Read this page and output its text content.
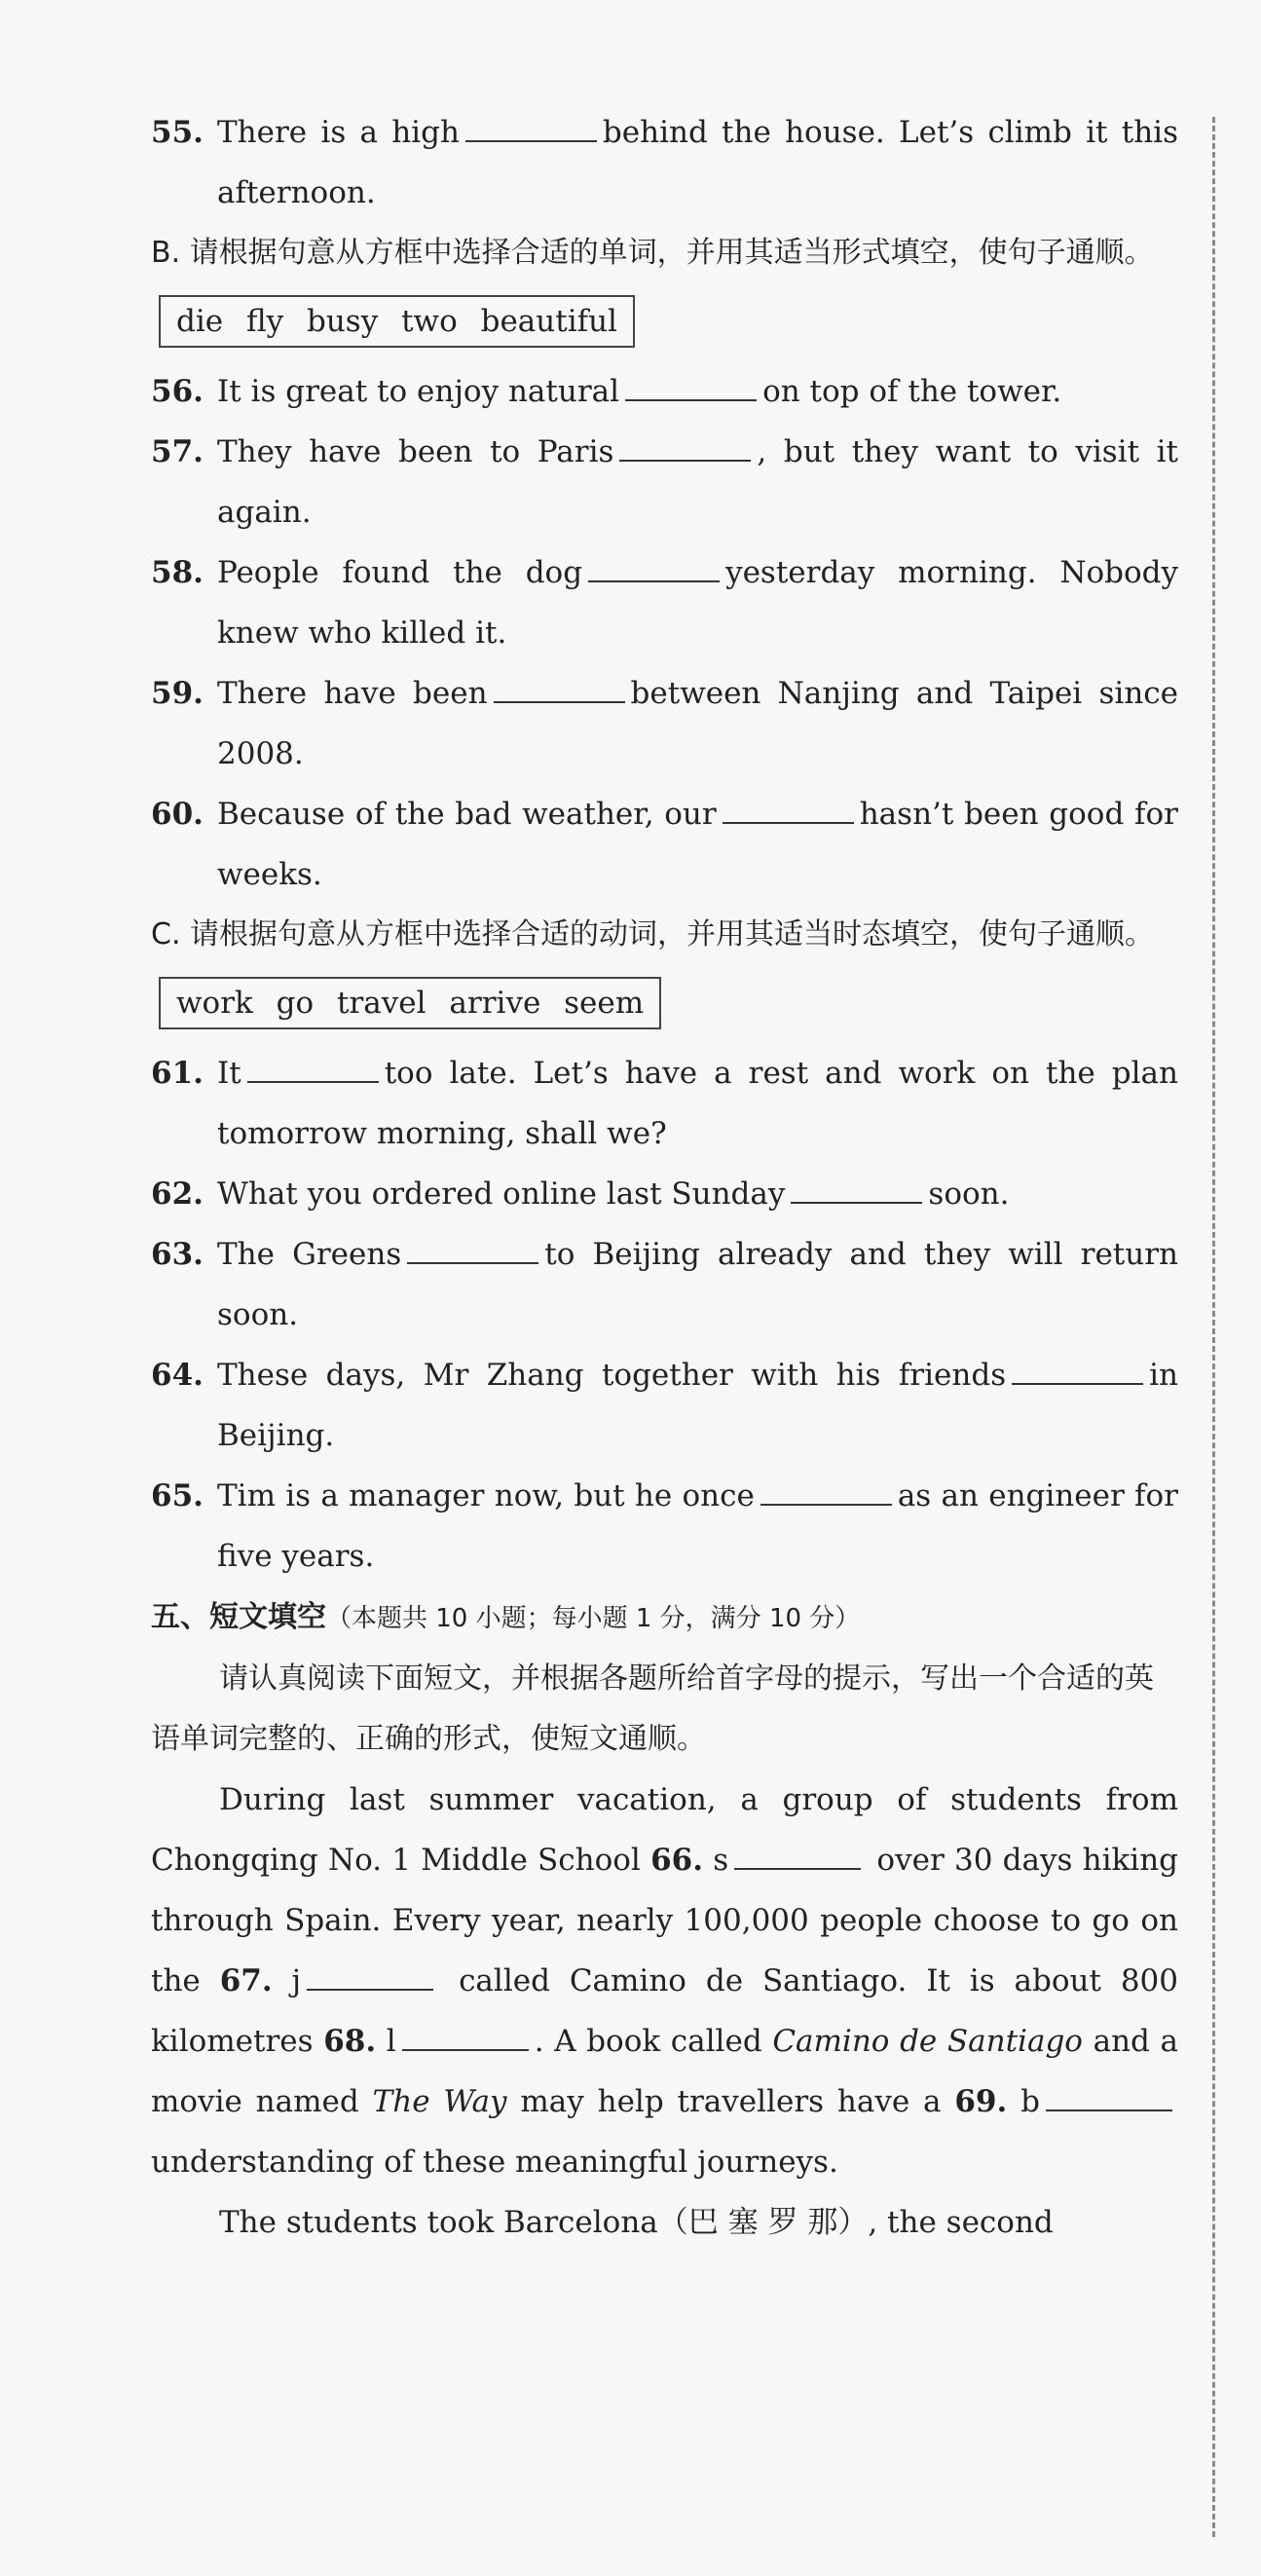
55. There is a high	behind the house. Let’s climb it this afternoon.
B. 请根据句意从方框中选择合适的单词，并用其适当形式填空，使句子通顺。
die fly busy two beautiful
56. It is great to enjoy natural	on top of the tower.
57. They have been to Paris	, but they want to visit it again.
58. People found the dog	yesterday morning. Nobody knew who killed it.
59. There have been	between Nanjing and Taipei since 2008.
60. Because of the bad weather, our	hasn’t been good for weeks.
C. 请根据句意从方框中选择合适的动词，并用其适当时态填空，使句子通顺。
work go travel arrive seem
61. It	too late. Let’s have a rest and work on the plan tomorrow morning, shall we?
62. What you ordered online last Sunday	soon.
63. The Greens	to Beijing already and they will return soon.
64. These days, Mr Zhang together with his friends	in Beijing.
65. Tim is a manager now, but he once	as an engineer for five years.
五、短文填空（本题共 10 小题；每小题 1 分，满分 10 分）
请认真阅读下面短文，并根据各题所给首字母的提示，写出一个合适的英语单词完整的、正确的形式，使短文通顺。
During last summer vacation, a group of students from Chongqing No. 1 Middle School 66. s	over 30 days hiking through Spain. Every year, nearly 100,000 people choose to go on the 67. j	called Camino de Santiago. It is about 800 kilometres 68. l	. A book called Camino de Santiago and a movie named The Way may help travellers have a 69. b understanding of these meaningful journeys.
The students took Barcelona（巴 塞 罗 那）, the second
